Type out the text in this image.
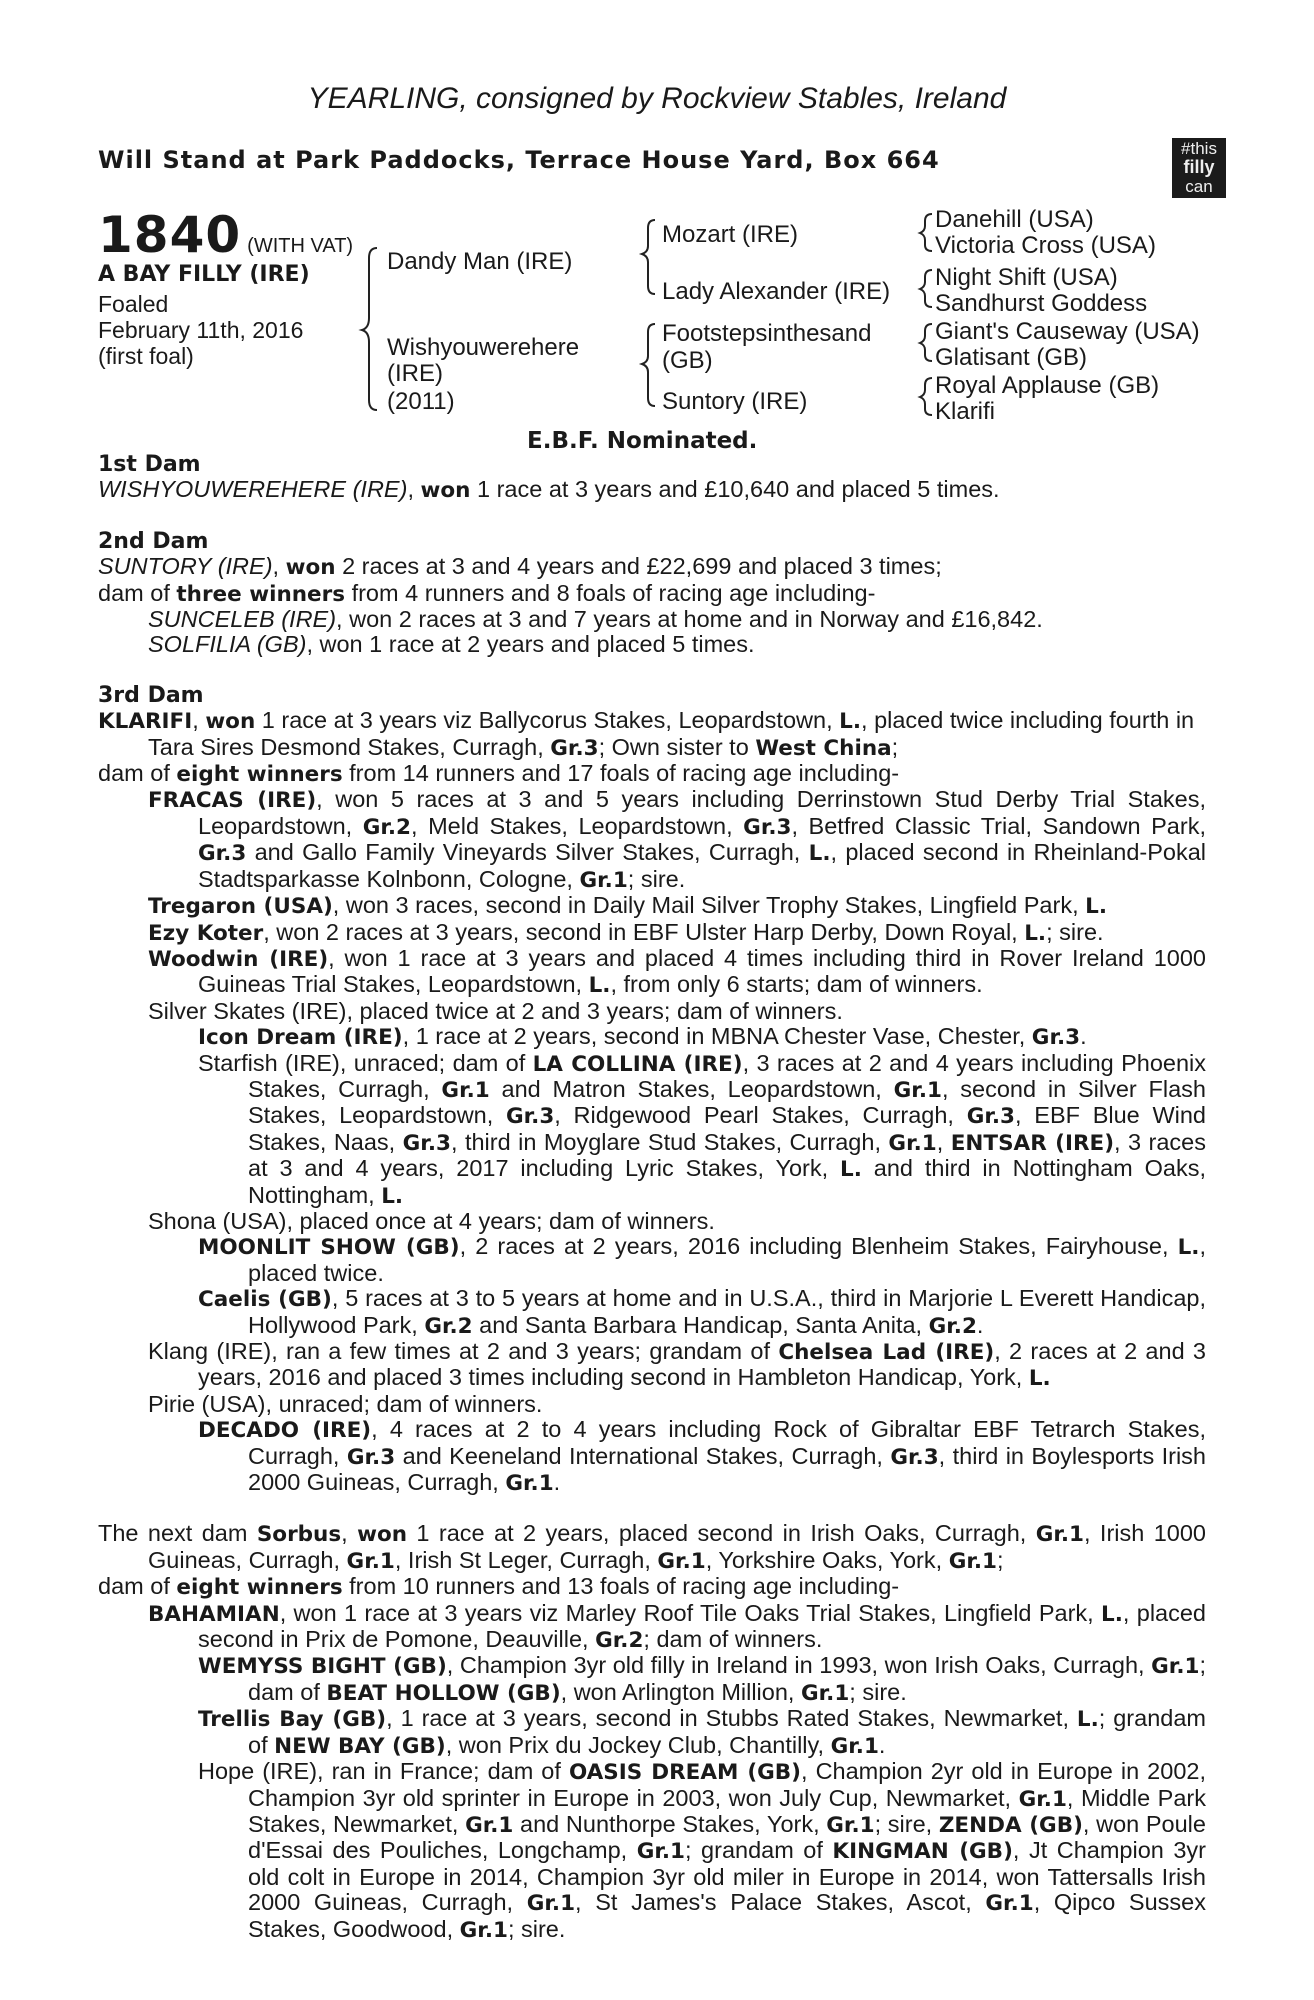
YEARLING, consigned by Rockview Stables, Ireland
Will Stand at Park Paddocks, Terrace House Yard, Box 664	#this
filly
can
1840 (WITH VAT)
A BAY FILLY (IRE)
Foaled
February 11th, 2016
(first foal)
Dandy Man (IRE)
Wishyouwerehere
(IRE)
(2011)
Mozart (IRE)
Lady Alexander (IRE)
Footstepsinthesand
(GB)
Suntory (IRE)
Danehill (USA)
Victoria Cross (USA)
Night Shift (USA)
Sandhurst Goddess
Giant's Causeway (USA)
Glatisant (GB)
Royal Applause (GB)
Klarifi
E.B.F. Nominated.
1st Dam
WISHYOUWEREHERE (IRE), won 1 race at 3 years and £10,640 and placed 5 times.
2nd Dam
SUNTORY (IRE), won 2 races at 3 and 4 years and £22,699 and placed 3 times;
dam of three winners from 4 runners and 8 foals of racing age including-
SUNCELEB (IRE), won 2 races at 3 and 7 years at home and in Norway and £16,842.
SOLFILIA (GB), won 1 race at 2 years and placed 5 times.
3rd Dam
KLARIFI, won 1 race at 3 years viz Ballycorus Stakes, Leopardstown, L., placed twice including fourth in Tara Sires Desmond Stakes, Curragh, Gr.3; Own sister to West China;
dam of eight winners from 14 runners and 17 foals of racing age including-
FRACAS (IRE), won 5 races at 3 and 5 years including Derrinstown Stud Derby Trial Stakes, Leopardstown, Gr.2, Meld Stakes, Leopardstown, Gr.3, Betfred Classic Trial, Sandown Park, Gr.3 and Gallo Family Vineyards Silver Stakes, Curragh, L., placed second in Rheinland-Pokal Stadtsparkasse Kolnbonn, Cologne, Gr.1; sire.
Tregaron (USA), won 3 races, second in Daily Mail Silver Trophy Stakes, Lingfield Park, L.
Ezy Koter, won 2 races at 3 years, second in EBF Ulster Harp Derby, Down Royal, L.; sire.
Woodwin (IRE), won 1 race at 3 years and placed 4 times including third in Rover Ireland 1000 Guineas Trial Stakes, Leopardstown, L., from only 6 starts; dam of winners.
Silver Skates (IRE), placed twice at 2 and 3 years; dam of winners.
Icon Dream (IRE), 1 race at 2 years, second in MBNA Chester Vase, Chester, Gr.3.
Starfish (IRE), unraced; dam of LA COLLINA (IRE), 3 races at 2 and 4 years including Phoenix Stakes, Curragh, Gr.1 and Matron Stakes, Leopardstown, Gr.1, second in Silver Flash Stakes, Leopardstown, Gr.3, Ridgewood Pearl Stakes, Curragh, Gr.3, EBF Blue Wind Stakes, Naas, Gr.3, third in Moyglare Stud Stakes, Curragh, Gr.1, ENTSAR (IRE), 3 races at 3 and 4 years, 2017 including Lyric Stakes, York, L. and third in Nottingham Oaks, Nottingham, L.
Shona (USA), placed once at 4 years; dam of winners.
MOONLIT SHOW (GB), 2 races at 2 years, 2016 including Blenheim Stakes, Fairyhouse, L., placed twice.
Caelis (GB), 5 races at 3 to 5 years at home and in U.S.A., third in Marjorie L Everett Handicap, Hollywood Park, Gr.2 and Santa Barbara Handicap, Santa Anita, Gr.2.
Klang (IRE), ran a few times at 2 and 3 years; grandam of Chelsea Lad (IRE), 2 races at 2 and 3 years, 2016 and placed 3 times including second in Hambleton Handicap, York, L.
Pirie (USA), unraced; dam of winners.
DECADO (IRE), 4 races at 2 to 4 years including Rock of Gibraltar EBF Tetrarch Stakes, Curragh, Gr.3 and Keeneland International Stakes, Curragh, Gr.3, third in Boylesports Irish 2000 Guineas, Curragh, Gr.1.
The next dam Sorbus, won 1 race at 2 years, placed second in Irish Oaks, Curragh, Gr.1, Irish 1000 Guineas, Curragh, Gr.1, Irish St Leger, Curragh, Gr.1, Yorkshire Oaks, York, Gr.1;
dam of eight winners from 10 runners and 13 foals of racing age including-
BAHAMIAN, won 1 race at 3 years viz Marley Roof Tile Oaks Trial Stakes, Lingfield Park, L., placed second in Prix de Pomone, Deauville, Gr.2; dam of winners.
WEMYSS BIGHT (GB), Champion 3yr old filly in Ireland in 1993, won Irish Oaks, Curragh, Gr.1; dam of BEAT HOLLOW (GB), won Arlington Million, Gr.1; sire.
Trellis Bay (GB), 1 race at 3 years, second in Stubbs Rated Stakes, Newmarket, L.; grandam of NEW BAY (GB), won Prix du Jockey Club, Chantilly, Gr.1.
Hope (IRE), ran in France; dam of OASIS DREAM (GB), Champion 2yr old in Europe in 2002, Champion 3yr old sprinter in Europe in 2003, won July Cup, Newmarket, Gr.1, Middle Park Stakes, Newmarket, Gr.1 and Nunthorpe Stakes, York, Gr.1; sire, ZENDA (GB), won Poule d'Essai des Pouliches, Longchamp, Gr.1; grandam of KINGMAN (GB), Jt Champion 3yr old colt in Europe in 2014, Champion 3yr old miler in Europe in 2014, won Tattersalls Irish 2000 Guineas, Curragh, Gr.1, St James's Palace Stakes, Ascot, Gr.1, Qipco Sussex Stakes, Goodwood, Gr.1; sire.
